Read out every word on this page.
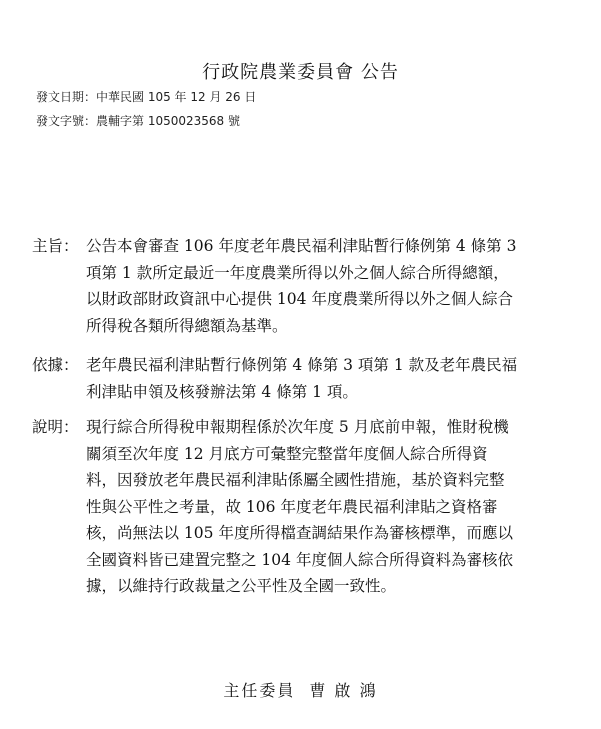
行政院農業委員會 公告
發文日期：中華民國 105 年 12 月 26 日
發文字號：農輔字第 1050023568 號
主旨： 公告本會審查 106 年度老年農民福利津貼暫行條例第 4 條第 3
項第 1 款所定最近一年度農業所得以外之個人綜合所得總額，
以財政部財政資訊中心提供 104 年度農業所得以外之個人綜合
所得稅各類所得總額為基準。
依據： 老年農民福利津貼暫行條例第 4 條第 3 項第 1 款及老年農民福
利津貼申領及核發辦法第 4 條第 1 項。
說明： 現行綜合所得稅申報期程係於次年度 5 月底前申報，惟財稅機
關須至次年度 12 月底方可彙整完整當年度個人綜合所得資
料，因發放老年農民福利津貼係屬全國性措施，基於資料完整
性與公平性之考量，故 106 年度老年農民福利津貼之資格審
核，尚無法以 105 年度所得檔查調結果作為審核標準，而應以
全國資料皆已建置完整之 104 年度個人綜合所得資料為審核依
據，以維持行政裁量之公平性及全國一致性。
主任委員 曹 啟 鴻
